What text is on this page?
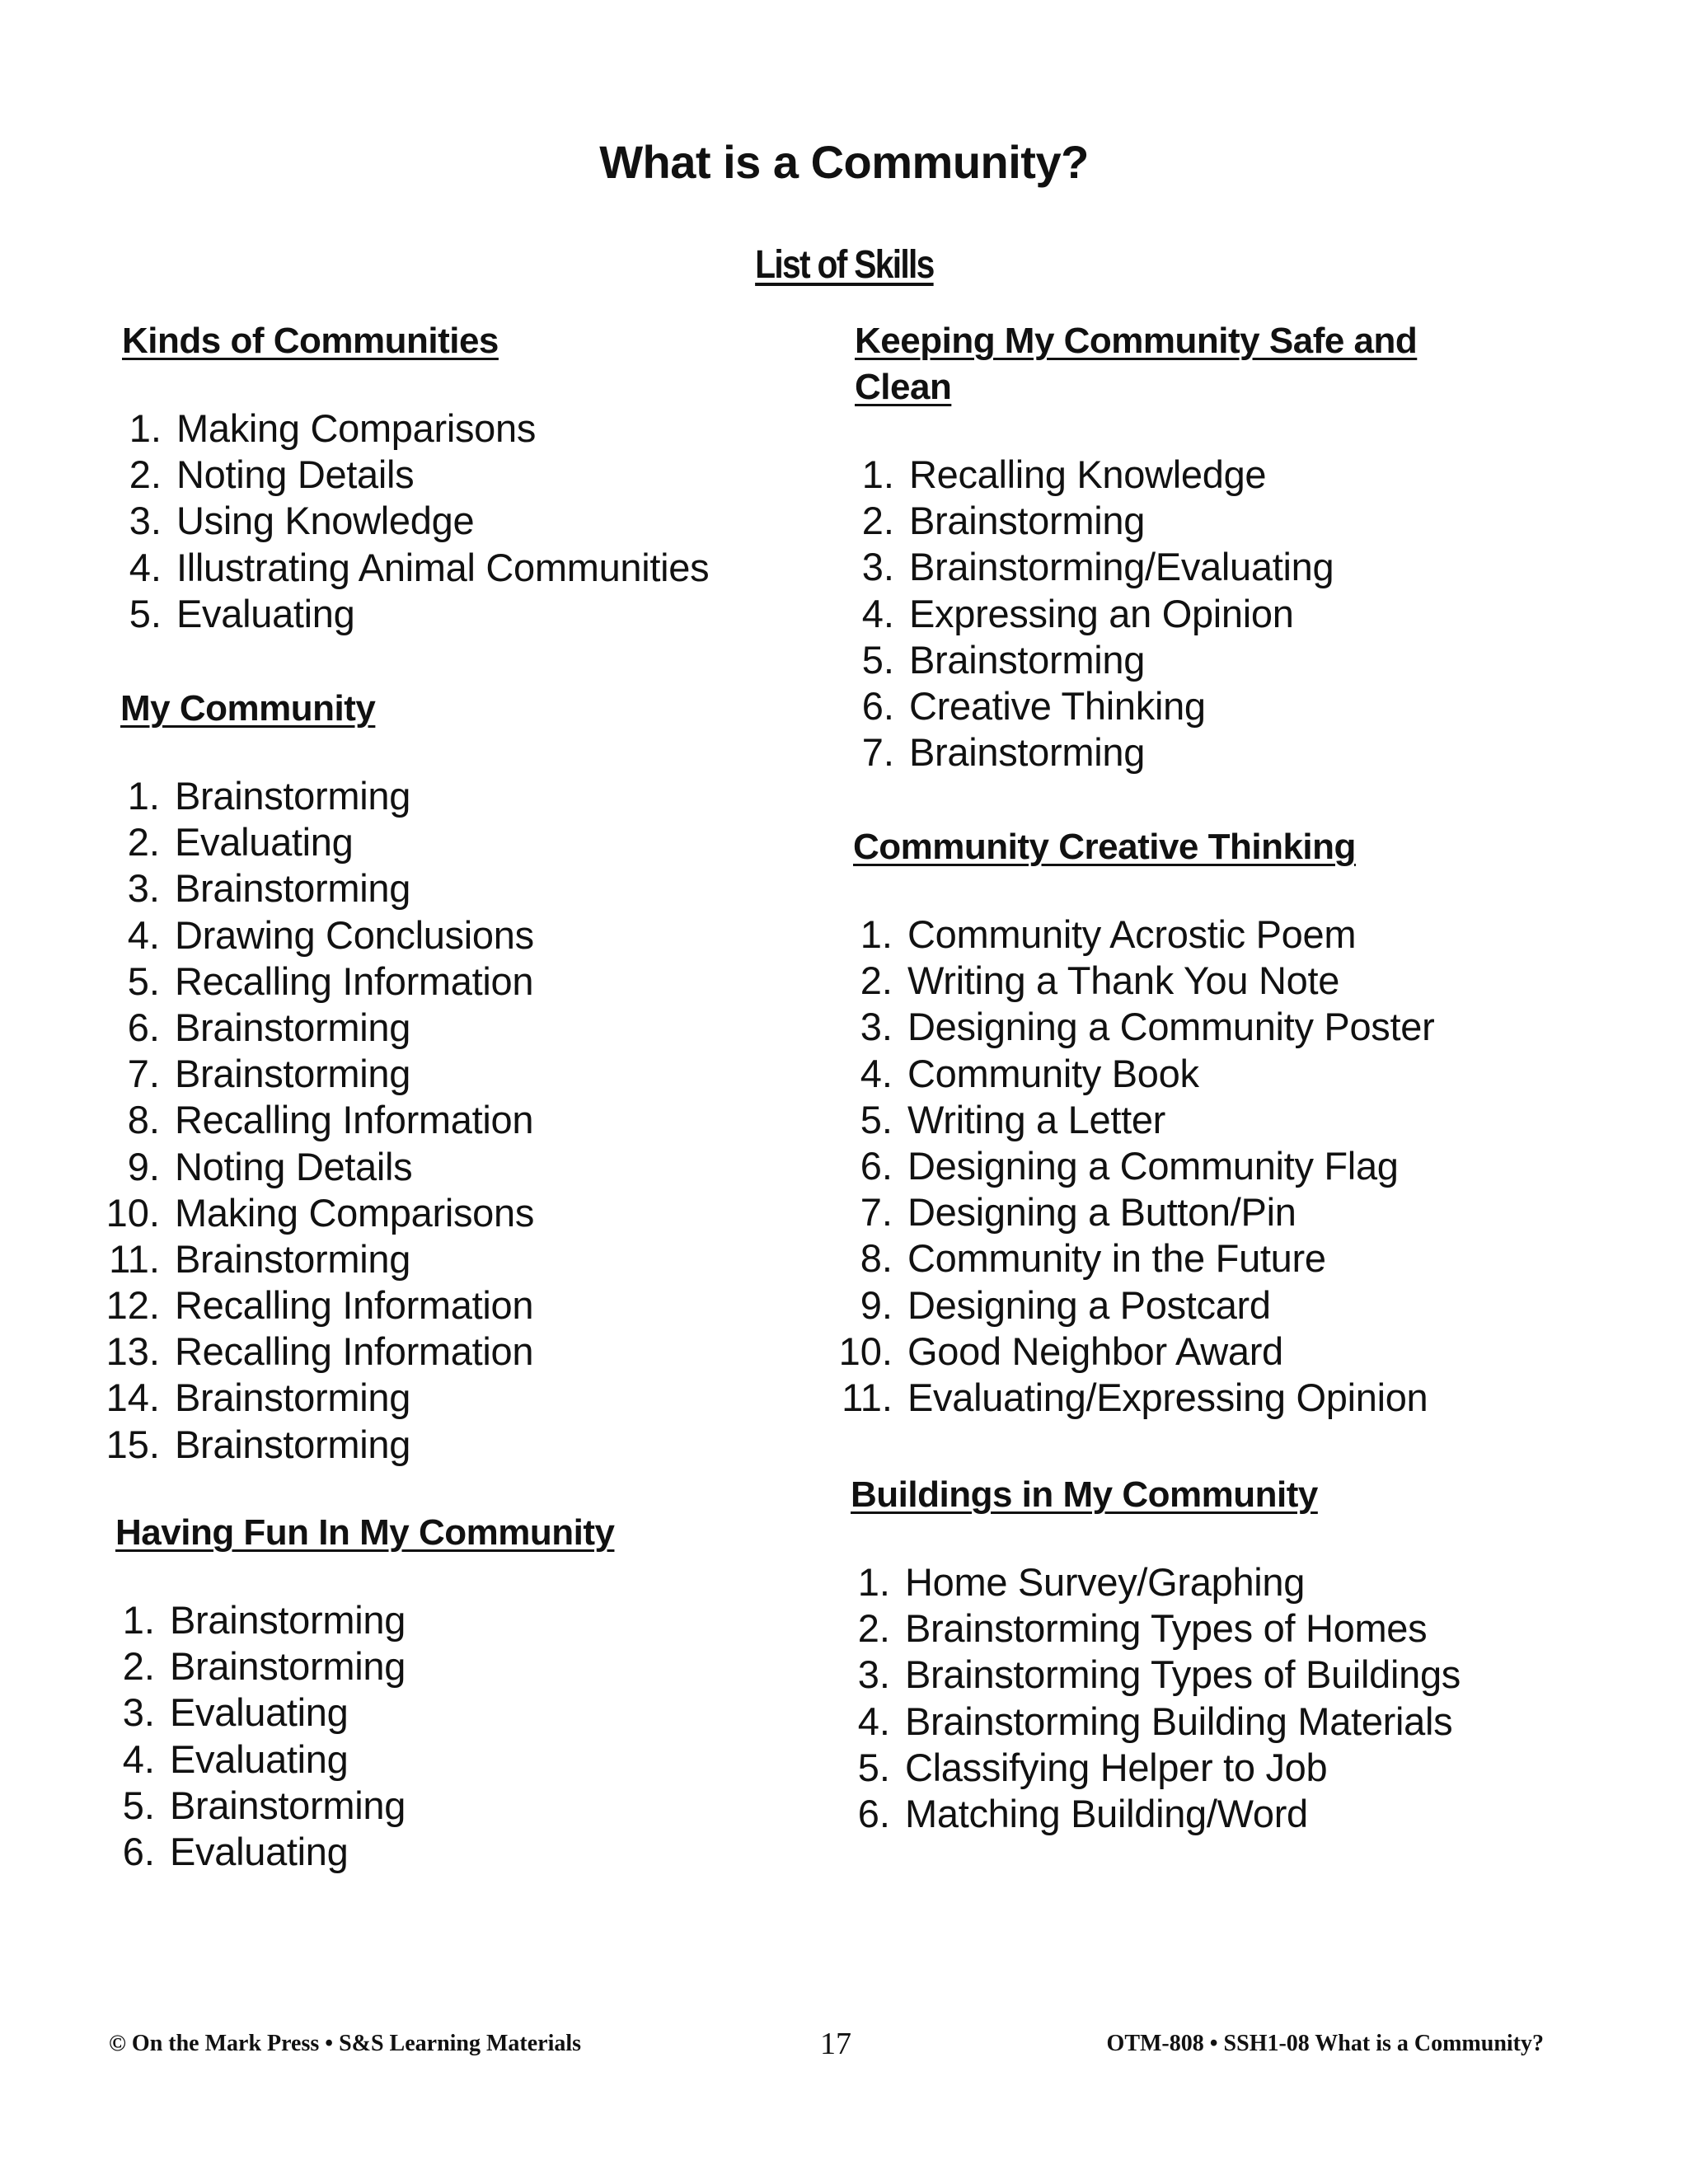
What is a Community?
List of Skills
Kinds of Communities
1. Making Comparisons
2. Noting Details
3. Using Knowledge
4. Illustrating Animal Communities
5. Evaluating
My Community
1. Brainstorming
2. Evaluating
3. Brainstorming
4. Drawing Conclusions
5. Recalling Information
6. Brainstorming
7. Brainstorming
8. Recalling Information
9. Noting Details
10. Making Comparisons
11. Brainstorming
12. Recalling Information
13. Recalling Information
14. Brainstorming
15. Brainstorming
Having Fun In My Community
1. Brainstorming
2. Brainstorming
3. Evaluating
4. Evaluating
5. Brainstorming
6. Evaluating
Keeping My Community Safe and
Clean
1. Recalling Knowledge
2. Brainstorming
3. Brainstorming/Evaluating
4. Expressing an Opinion
5. Brainstorming
6. Creative Thinking
7. Brainstorming
Community Creative Thinking
1. Community Acrostic Poem
2. Writing a Thank You Note
3. Designing a Community Poster
4. Community Book
5. Writing a Letter
6. Designing a Community Flag
7. Designing a Button/Pin
8. Community in the Future
9. Designing a Postcard
10. Good Neighbor Award
11. Evaluating/Expressing Opinion
Buildings in My Community
1. Home Survey/Graphing
2. Brainstorming Types of Homes
3. Brainstorming Types of Buildings
4. Brainstorming Building Materials
5. Classifying Helper to Job
6. Matching Building/Word
© On the Mark Press • S&S Learning Materials	17	OTM-808 • SSH1-08 What is a Community?
